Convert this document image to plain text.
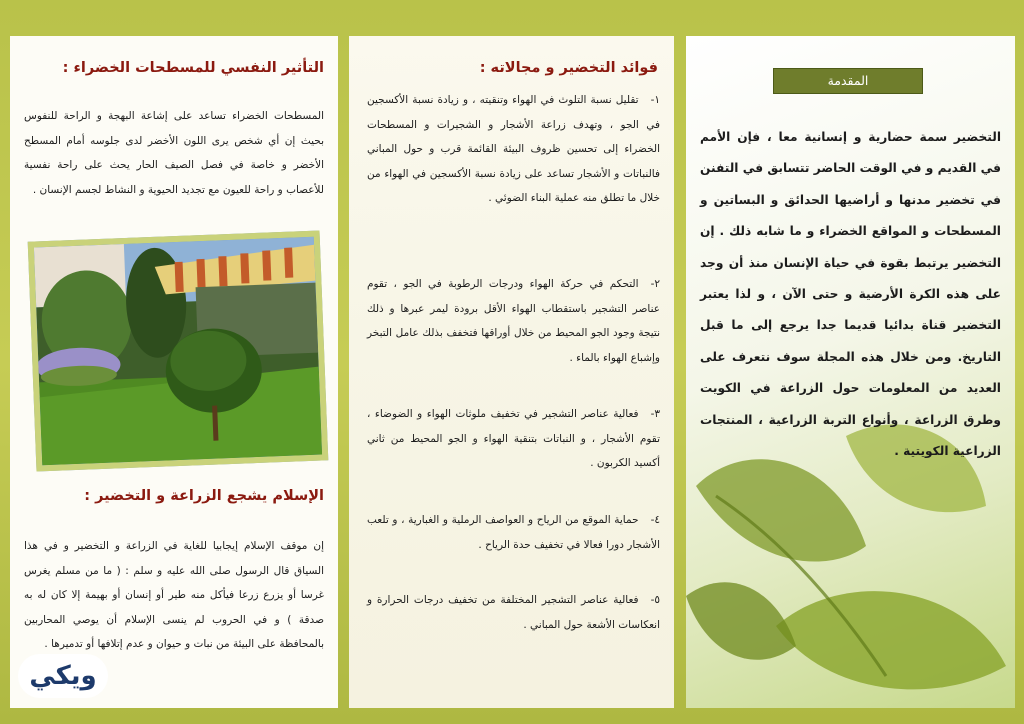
التأثير النفسي للمسطحات الخضراء :

المسطحات الخضراء تساعد على إشاعة البهجة و الراحة للنفوس بحيث إن أي شخص يرى اللون الأخضر لدى جلوسه أمام المسطح الأخضر و خاصة في فصل الصيف الحار يحث على راحة نفسية للأعصاب و راحة للعيون مع تجديد الحيوية و النشاط لجسم الإنسان .

الإسلام يشجع الزراعة و التخضير :

إن موقف الإسلام إيجابيا للغاية في الزراعة و التخضير و في هذا السياق قال الرسول صلى الله عليه و سلم : ( ما من مسلم يغرس غرسا أو يزرع زرعا فيأكل منه طير أو إنسان أو بهيمة إلا كان له به صدقة ) و في الحروب لم ينسى الإسلام أن يوصي المحاربين بالمحافظة على البيئة من نبات و حيوان و عدم إتلافها أو تدميرها .

ويكي
فوائد التخضير و مجالاته :

١-تقليل نسبة التلوث في الهواء وتنقيته ، و زيادة نسبة الأكسجين في الجو ، وتهدف زراعة الأشجار و الشجيرات و المسطحات الخضراء إلى تحسين ظروف البيئة القائمة قرب و حول المباني فالنباتات و الأشجار تساعد على زيادة نسبة الأكسجين في الهواء من خلال ما تطلق منه عملية البناء الضوئي .

٢-التحكم في حركة الهواء ودرجات الرطوبة في الجو ، تقوم عناصر التشجير باستقطاب الهواء الأقل برودة ليمر عبرها و ذلك نتيجة وجود الجو المحيط من خلال أوراقها فتخفف بذلك عامل التبخر وإشباع الهواء بالماء .

٣-فعالية عناصر التشجير في تخفيف ملوثات الهواء و الضوضاء ، تقوم الأشجار ، و النباتات بتنقية الهواء و الجو المحيط من ثاني أكسيد الكربون .

٤-حماية الموقع من الرياح و العواصف الرملية و الغبارية ، و تلعب الأشجار دورا فعالا في تخفيف حدة الرياح .

٥-فعالية عناصر التشجير المختلفة من تخفيف درجات الحرارة و انعكاسات الأشعة حول المباني .

المقدمة

التخضير سمة حضارية و إنسانية معا ، فإن الأمم في القديم و في الوقت الحاضر تتسابق في التفنن في تخضير مدنها و أراضيها الحدائق و البساتين و المسطحات و المواقع الخضراء و ما شابه ذلك . إن التخضير يرتبط بقوة في حياة الإنسان منذ أن وجد على هذه الكرة الأرضية و حتى الآن ، و لذا يعتبر التخضير قناة بدائيا قديما جدا يرجع إلى ما قبل التاريخ. ومن خلال هذه المجلة سوف نتعرف على العديد من المعلومات حول الزراعة في الكويت وطرق الزراعة ، وأنواع التربة الزراعية ، المنتجات الزراعية الكويتية .
